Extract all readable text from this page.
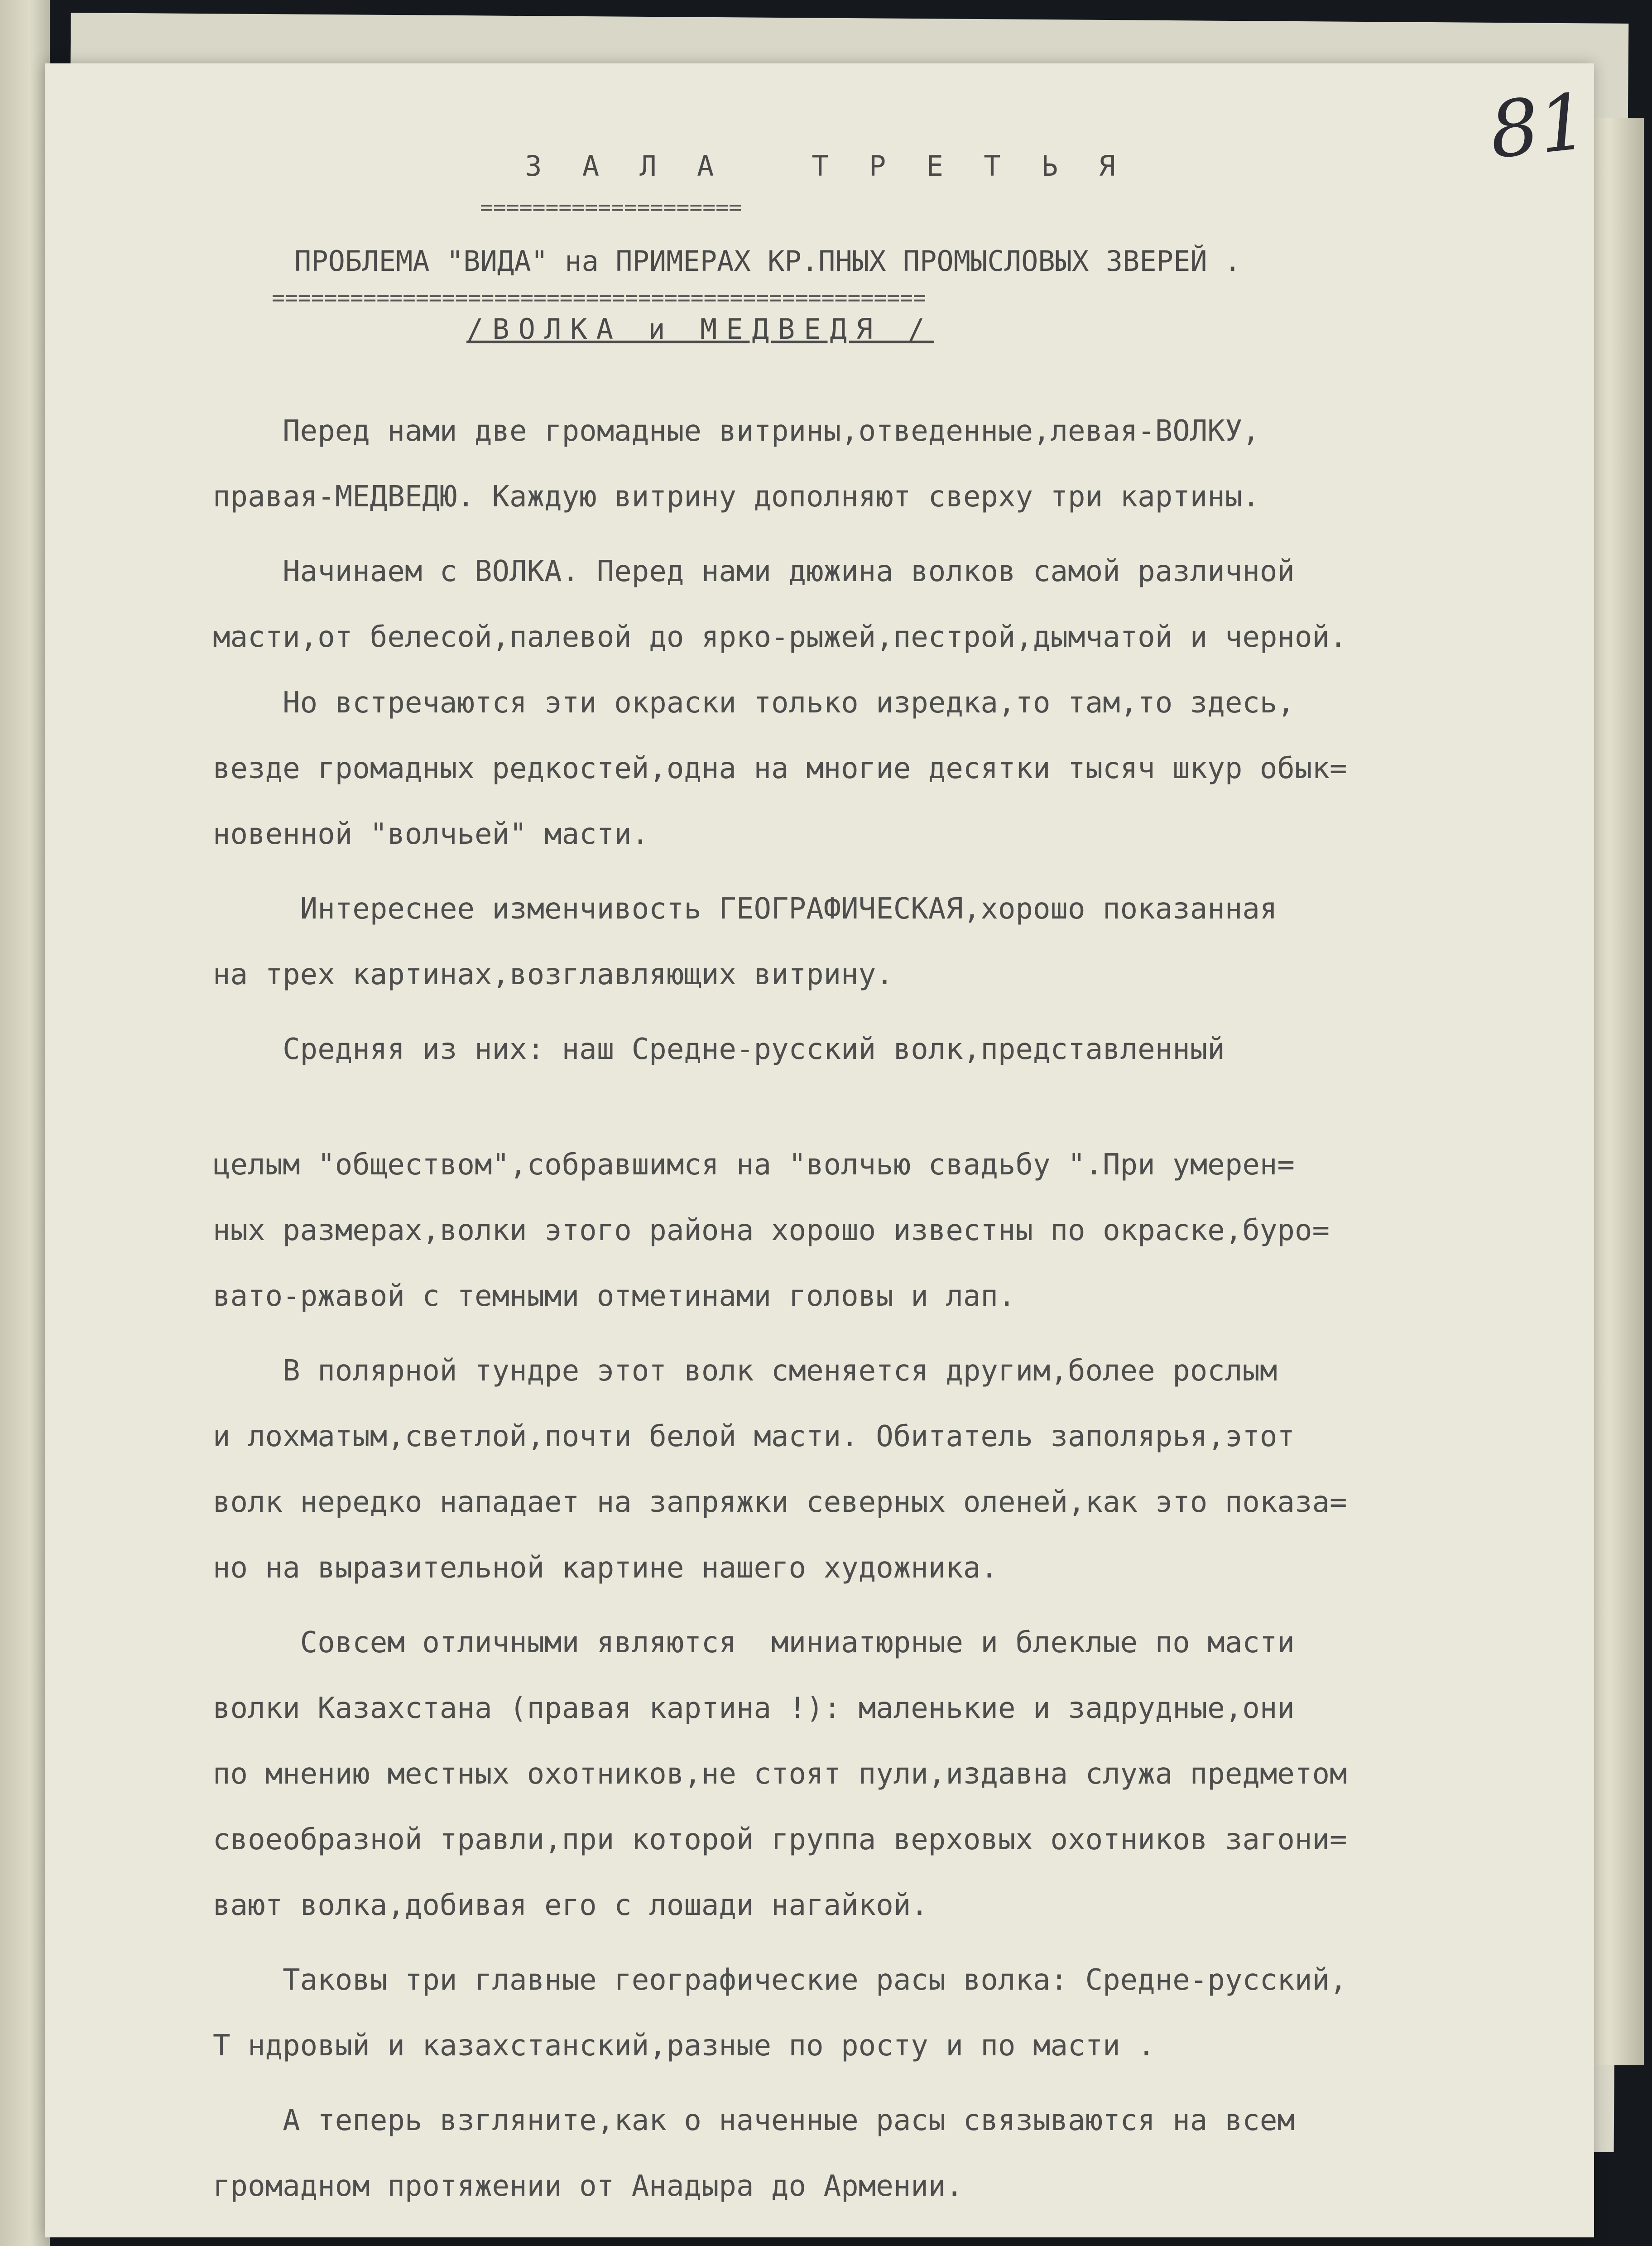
81
З А Л А   Т Р Е Т Ь Я
====================
ПРОБЛЕМА "ВИДА" на ПРИМЕРАХ КР.ПНЫХ ПРОМЫСЛОВЫХ ЗВЕРЕЙ .
==================================================
/ВОЛКА и МЕДВЕДЯ /

Перед нами две громадные витрины,отведенные,левая-ВОЛКУ,

правая-МЕДВЕДЮ. Каждую витрину дополняют сверху три картины.

Начинаем с ВОЛКА. Перед нами дюжина волков самой различной

масти,от белесой,палевой до ярко-рыжей,пестрой,дымчатой и черной.

Но встречаются эти окраски только изредка,то там,то здесь,

везде громадных редкостей,одна на многие десятки тысяч шкур обык=

новенной "волчьей" масти.

Интереснее изменчивость ГЕОГРАФИЧЕСКАЯ,хорошо показанная

на трех картинах,возглавляющих витрину.

Средняя из них: наш Средне-русский волк,представленный

целым "обществом",собравшимся на "волчью свадьбу ".При умерен=

ных размерах,волки этого района хорошо известны по окраске,буро=

вато-ржавой с темными отметинами головы и лап.

В полярной тундре этот волк сменяется другим,более рослым

и лохматым,светлой,почти белой масти. Обитатель заполярья,этот

волк нередко нападает на запряжки северных оленей,как это показа=

но на выразительной картине нашего художника.

Совсем отличными являются  миниатюрные и блеклые по масти

волки Казахстана (правая картина !): маленькие и задрудные,они

по мнению местных охотников,не стоят пули,издавна служа предметом

своеобразной травли,при которой группа верховых охотников загони=

вают волка,добивая его с лошади нагайкой.

Таковы три главные географические расы волка: Средне-русский,

Т ндровый и казахстанский,разные по росту и по масти .

А теперь взгляните,как о наченные расы связываются на всем

громадном протяжении от Анадыра до Армении.
